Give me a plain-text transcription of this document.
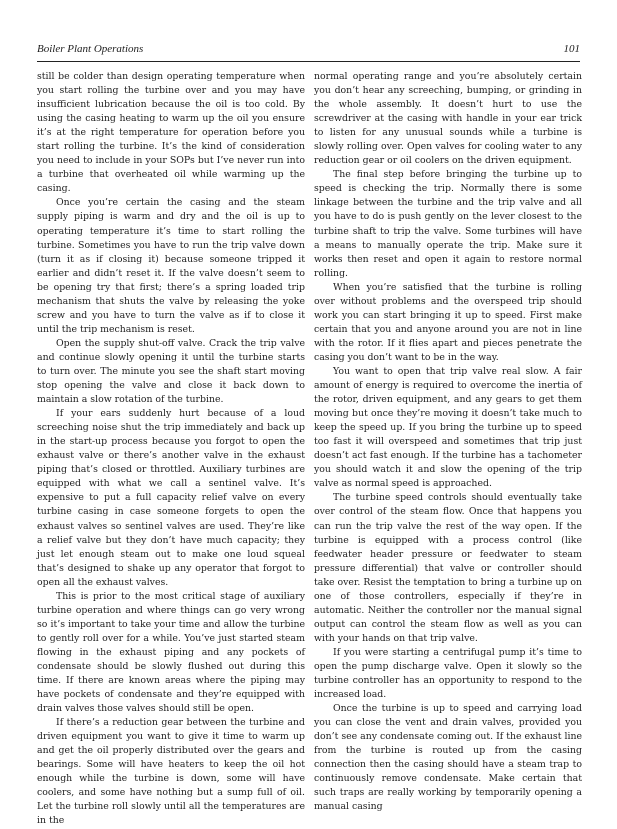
Boiler Plant Operations	101

still be colder than design operating temperature when you start rolling the turbine over and you may have insufficient lubrication because the oil is too cold. By using the casing heating to warm up the oil you ensure it’s at the right temperature for operation before you start rolling the turbine. It’s the kind of consideration you need to include in your SOPs but I’ve never run into a turbine that overheated oil while warming up the casing.

Once you’re certain the casing and the steam supply piping is warm and dry and the oil is up to operating temperature it’s time to start rolling the turbine. Sometimes you have to run the trip valve down (turn it as if closing it) because someone tripped it earlier and didn’t reset it. If the valve doesn’t seem to be opening try that first; there’s a spring loaded trip mechanism that shuts the valve by releasing the yoke screw and you have to turn the valve as if to close it until the trip mechanism is reset.

Open the supply shut-off valve. Crack the trip valve and continue slowly opening it until the turbine starts to turn over. The minute you see the shaft start moving stop opening the valve and close it back down to maintain a slow rotation of the turbine.

If your ears suddenly hurt because of a loud screeching noise shut the trip immediately and back up in the start-up process because you forgot to open the exhaust valve or there’s another valve in the exhaust piping that’s closed or throttled. Auxiliary turbines are equipped with what we call a sentinel valve. It’s expensive to put a full capacity relief valve on every turbine casing in case someone forgets to open the exhaust valves so sentinel valves are used. They’re like a relief valve but they don’t have much capacity; they just let enough steam out to make one loud squeal that’s designed to shake up any operator that forgot to open all the exhaust valves.

This is prior to the most critical stage of auxiliary turbine operation and where things can go very wrong so it’s important to take your time and allow the turbine to gently roll over for a while. You’ve just started steam flowing in the exhaust piping and any pockets of condensate should be slowly flushed out during this time. If there are known areas where the piping may have pockets of condensate and they’re equipped with drain valves those valves should still be open.

If there’s a reduction gear between the turbine and driven equipment you want to give it time to warm up and get the oil properly distributed over the gears and bearings. Some will have heaters to keep the oil hot enough while the turbine is down, some will have coolers, and some have nothing but a sump full of oil. Let the turbine roll slowly until all the temperatures are in the

normal operating range and you’re absolutely certain you don’t hear any screeching, bumping, or grinding in the whole assembly. It doesn’t hurt to use the screwdriver at the casing with handle in your ear trick to listen for any unusual sounds while a turbine is slowly rolling over. Open valves for cooling water to any reduction gear or oil coolers on the driven equipment.

The final step before bringing the turbine up to speed is checking the trip. Normally there is some linkage between the turbine and the trip valve and all you have to do is push gently on the lever closest to the turbine shaft to trip the valve. Some turbines will have a means to manually operate the trip. Make sure it works then reset and open it again to restore normal rolling.

When you’re satisfied that the turbine is rolling over without problems and the overspeed trip should work you can start bringing it up to speed. First make certain that you and anyone around you are not in line with the rotor. If it flies apart and pieces penetrate the casing you don’t want to be in the way.

You want to open that trip valve real slow. A fair amount of energy is required to overcome the inertia of the rotor, driven equipment, and any gears to get them moving but once they’re moving it doesn’t take much to keep the speed up. If you bring the turbine up to speed too fast it will overspeed and sometimes that trip just doesn’t act fast enough. If the turbine has a tachometer you should watch it and slow the opening of the trip valve as normal speed is approached.

The turbine speed controls should eventually take over control of the steam flow. Once that happens you can run the trip valve the rest of the way open. If the turbine is equipped with a process control (like feedwater header pressure or feedwater to steam pressure differential) that valve or controller should take over. Resist the temptation to bring a turbine up on one of those controllers, especially if they’re in automatic. Neither the controller nor the manual signal output can control the steam flow as well as you can with your hands on that trip valve.

If you were starting a centrifugal pump it’s time to open the pump discharge valve. Open it slowly so the turbine controller has an opportunity to respond to the increased load.

Once the turbine is up to speed and carrying load you can close the vent and drain valves, provided you don’t see any condensate coming out. If the exhaust line from the turbine is routed up from the casing connection then the casing should have a steam trap to continuously remove condensate. Make certain that such traps are really working by temporarily opening a manual casing
